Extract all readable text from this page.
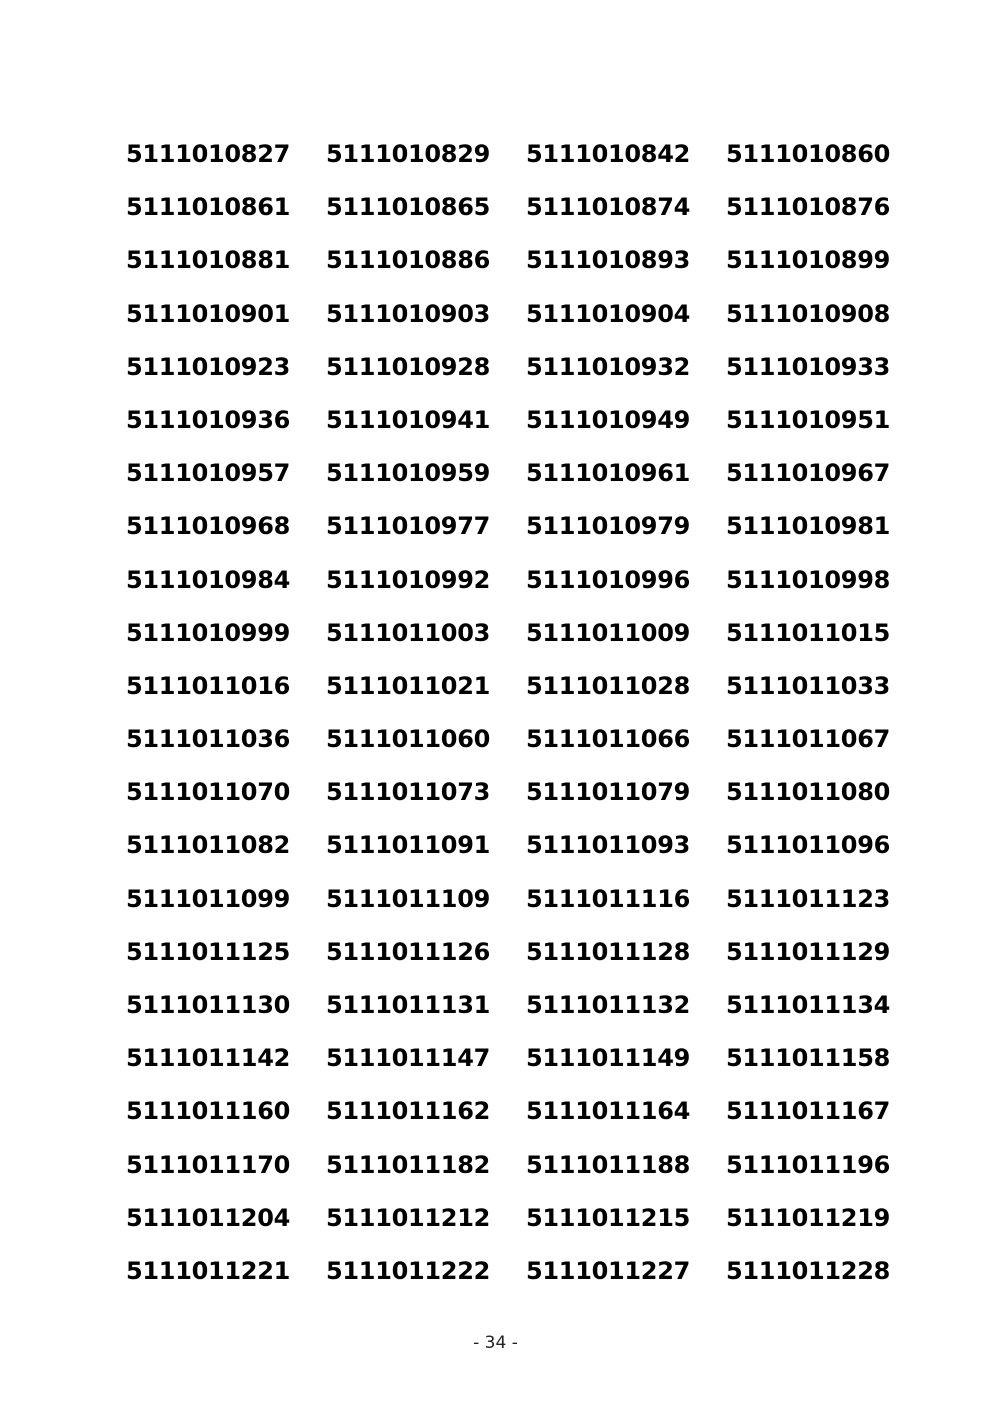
5111010827	5111010829	5111010842	5111010860
5111010861	5111010865	5111010874	5111010876
5111010881	5111010886	5111010893	5111010899
5111010901	5111010903	5111010904	5111010908
5111010923	5111010928	5111010932	5111010933
5111010936	5111010941	5111010949	5111010951
5111010957	5111010959	5111010961	5111010967
5111010968	5111010977	5111010979	5111010981
5111010984	5111010992	5111010996	5111010998
5111010999	5111011003	5111011009	5111011015
5111011016	5111011021	5111011028	5111011033
5111011036	5111011060	5111011066	5111011067
5111011070	5111011073	5111011079	5111011080
5111011082	5111011091	5111011093	5111011096
5111011099	5111011109	5111011116	5111011123
5111011125	5111011126	5111011128	5111011129
5111011130	5111011131	5111011132	5111011134
5111011142	5111011147	5111011149	5111011158
5111011160	5111011162	5111011164	5111011167
5111011170	5111011182	5111011188	5111011196
5111011204	5111011212	5111011215	5111011219
5111011221	5111011222	5111011227	5111011228
- 34 -
